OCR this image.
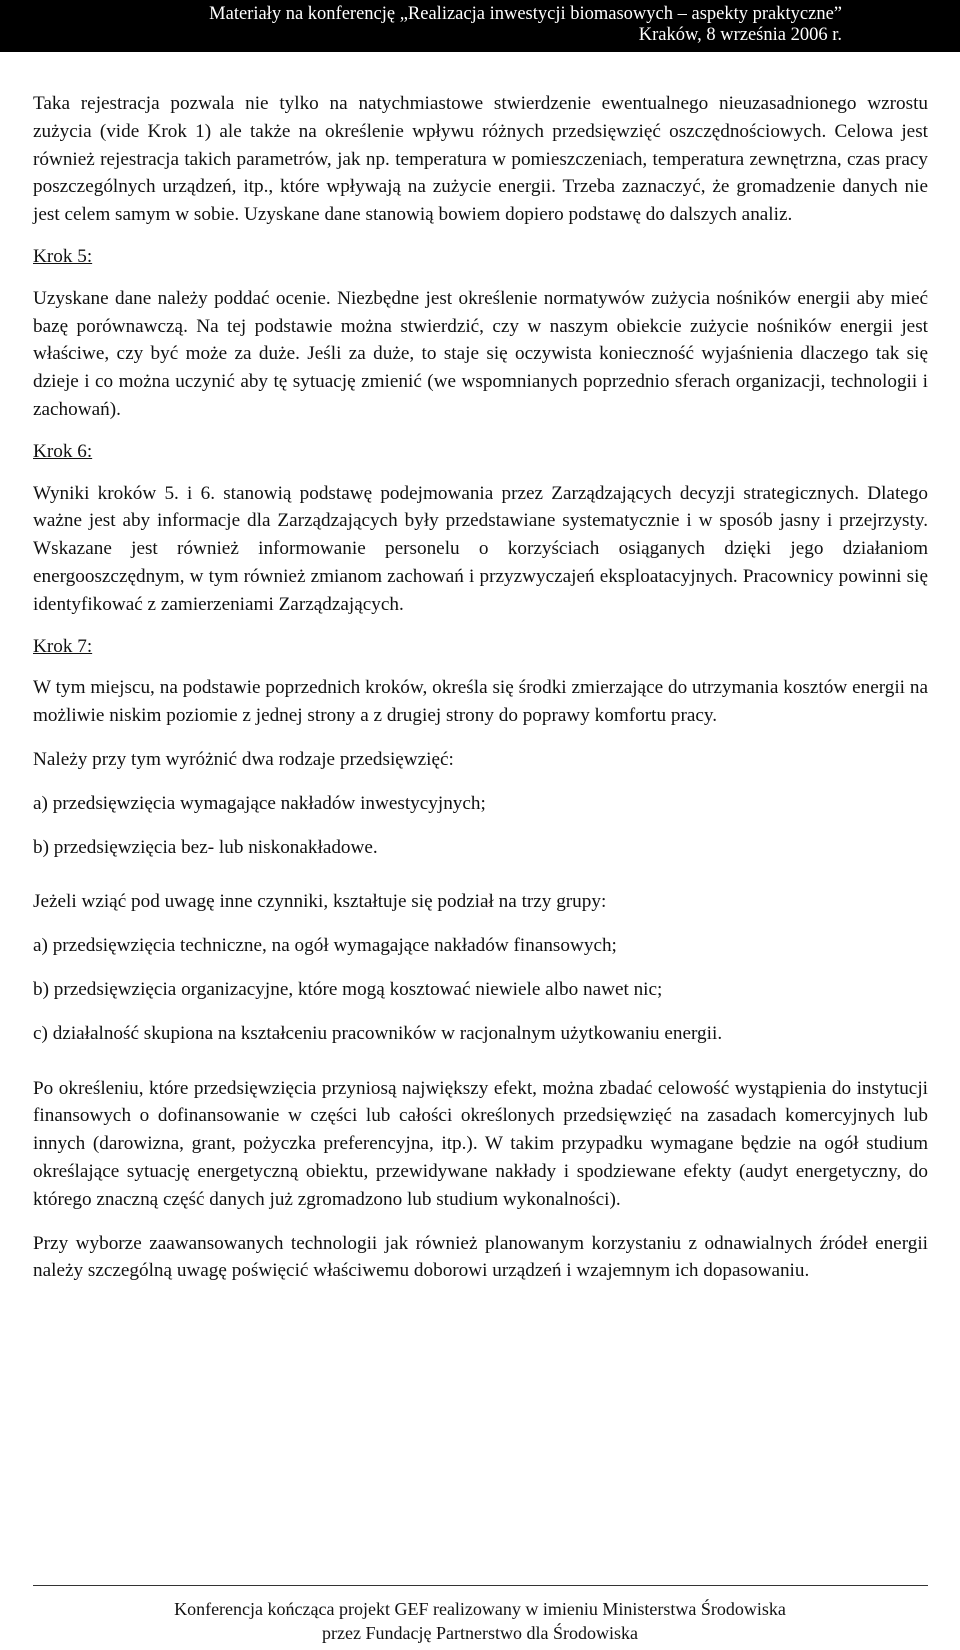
Materiały na konferencję „Realizacja inwestycji biomasowych – aspekty praktyczne”
Kraków, 8 września 2006 r.

Taka rejestracja pozwala nie tylko na natychmiastowe stwierdzenie ewentualnego nieuzasadnionego wzrostu zużycia (vide Krok 1) ale także na określenie wpływu różnych przedsięwzięć oszczędnościowych. Celowa jest również rejestracja takich parametrów, jak np. temperatura w pomieszczeniach, temperatura zewnętrzna, czas pracy poszczególnych urządzeń, itp., które wpływają na zużycie energii. Trzeba zaznaczyć, że gromadzenie danych nie jest celem samym w sobie. Uzyskane dane stanowią bowiem dopiero podstawę do dalszych analiz.

Krok 5:

Uzyskane dane należy poddać ocenie. Niezbędne jest określenie normatywów zużycia nośników energii aby mieć bazę porównawczą. Na tej podstawie można stwierdzić, czy w naszym obiekcie zużycie nośników energii jest właściwe, czy być może za duże. Jeśli za duże, to staje się oczywista konieczność wyjaśnienia dlaczego tak się dzieje i co można uczynić aby tę sytuację zmienić (we wspomnianych poprzednio sferach organizacji, technologii i zachowań).

Krok 6:

Wyniki kroków 5. i 6. stanowią podstawę podejmowania przez Zarządzających decyzji strategicznych. Dlatego ważne jest aby informacje dla Zarządzających były przedstawiane systematycznie i w sposób jasny i przejrzysty. Wskazane jest również informowanie personelu o korzyściach osiąganych dzięki jego działaniom energooszczędnym, w tym również zmianom zachowań i przyzwyczajeń eksploatacyjnych. Pracownicy powinni się identyfikować z zamierzeniami Zarządzających.

Krok 7:

W tym miejscu, na podstawie poprzednich kroków, określa się środki zmierzające do utrzymania kosztów energii na możliwie niskim poziomie z jednej strony a z drugiej strony do poprawy komfortu pracy.

Należy przy tym wyróżnić dwa rodzaje przedsięwzięć:

a) przedsięwzięcia wymagające nakładów inwestycyjnych;

b) przedsięwzięcia bez- lub niskonakładowe.

Jeżeli wziąć pod uwagę inne czynniki, kształtuje się podział na trzy grupy:

a) przedsięwzięcia techniczne, na ogół wymagające nakładów finansowych;

b) przedsięwzięcia organizacyjne, które mogą kosztować niewiele albo nawet nic;

c) działalność skupiona na kształceniu pracowników w racjonalnym użytkowaniu energii.

Po określeniu, które przedsięwzięcia przyniosą największy efekt, można zbadać celowość wystąpienia do instytucji finansowych o dofinansowanie w części lub całości określonych przedsięwzięć na zasadach komercyjnych lub innych (darowizna, grant, pożyczka preferencyjna, itp.). W takim przypadku wymagane będzie na ogół studium określające sytuację energetyczną obiektu, przewidywane nakłady i spodziewane efekty (audyt energetyczny, do którego znaczną część danych już zgromadzono lub studium wykonalności).

Przy wyborze zaawansowanych technologii jak również planowanym korzystaniu z odnawialnych źródeł energii należy szczególną uwagę poświęcić właściwemu doborowi urządzeń i wzajemnym ich dopasowaniu.

Konferencja kończąca projekt GEF realizowany w imieniu Ministerstwa Środowiska
przez Fundację Partnerstwo dla Środowiska
